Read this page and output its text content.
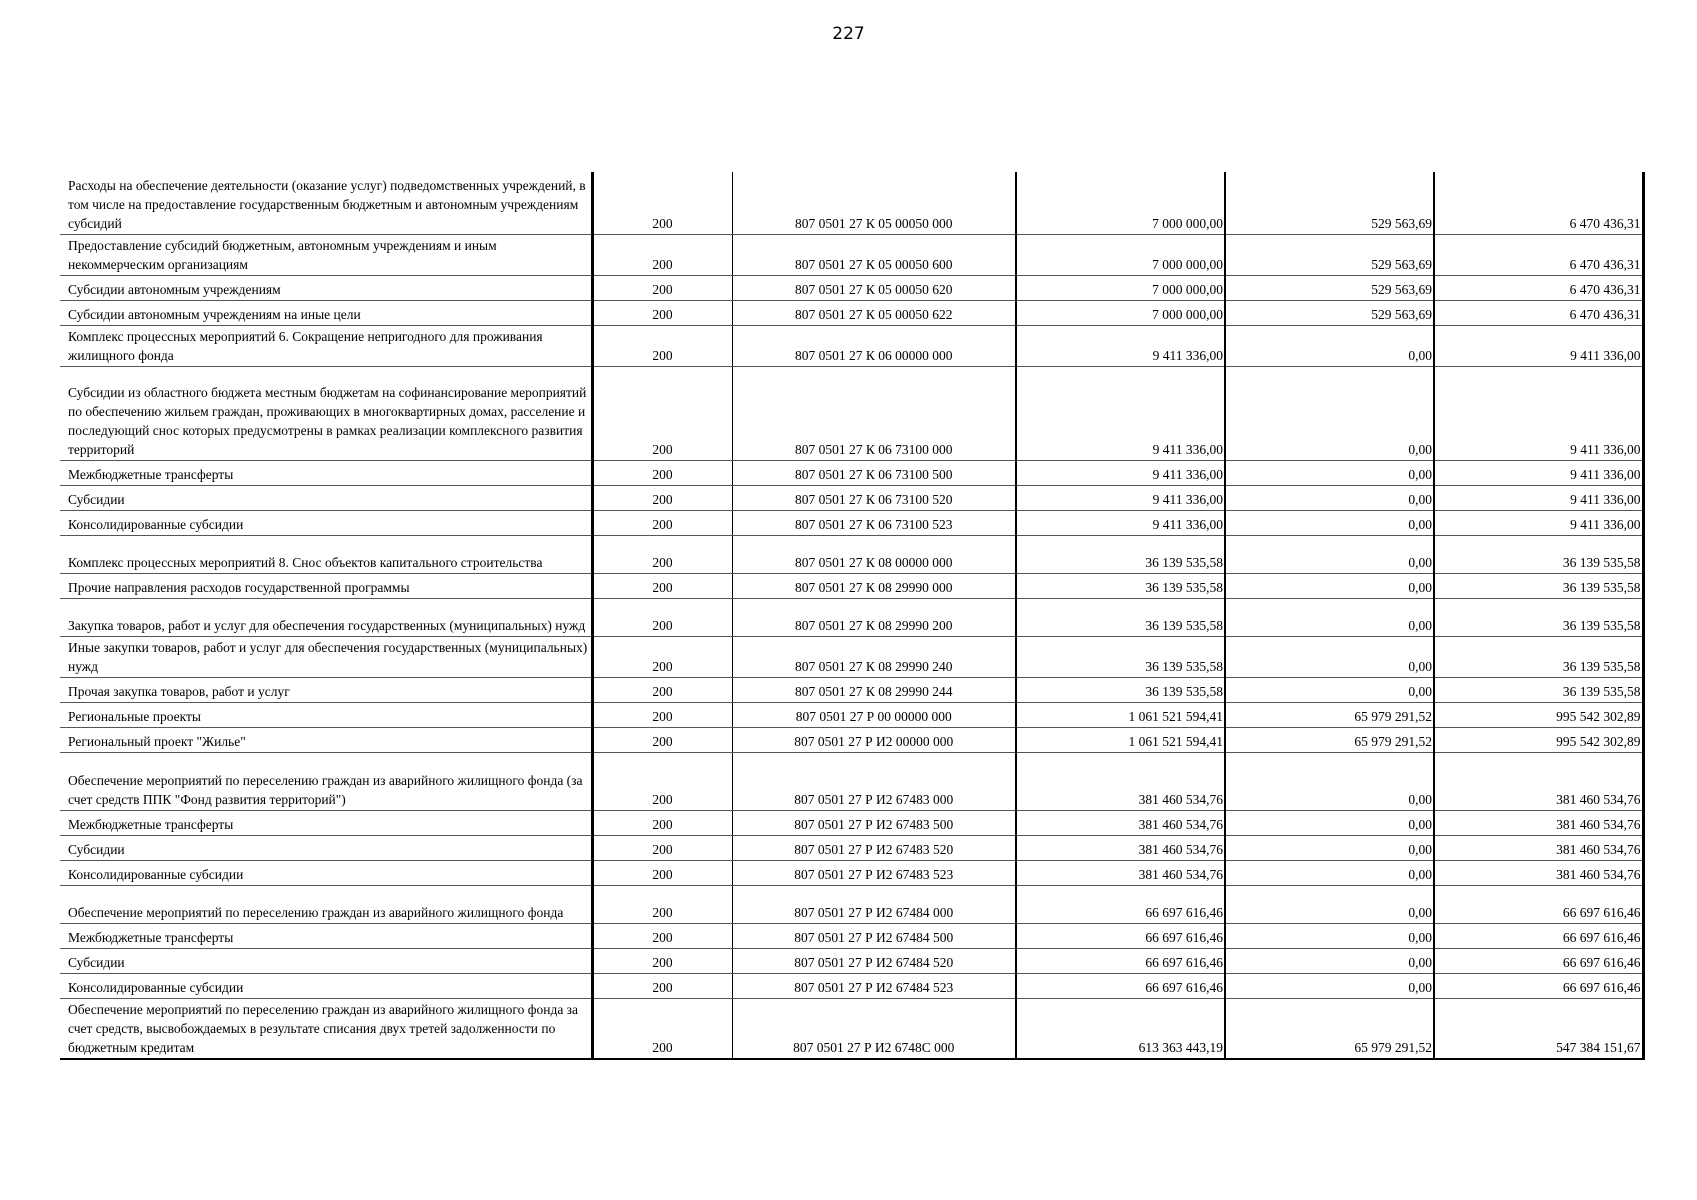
227
Расходы на обеспечение деятельности (оказание услуг) подведомственных учреждений, в том числе на предоставление государственным бюджетным и автономным учреждениям субсидий	200	807 0501 27 К 05 00050 000	7 000 000,00	529 563,69	6 470 436,31
Предоставление субсидий бюджетным, автономным учреждениям и иным некоммерческим организациям	200	807 0501 27 К 05 00050 600	7 000 000,00	529 563,69	6 470 436,31
Субсидии автономным учреждениям	200	807 0501 27 К 05 00050 620	7 000 000,00	529 563,69	6 470 436,31
Субсидии автономным учреждениям на иные цели	200	807 0501 27 К 05 00050 622	7 000 000,00	529 563,69	6 470 436,31
Комплекс процессных мероприятий 6. Сокращение непригодного для проживания жилищного фонда	200	807 0501 27 К 06 00000 000	9 411 336,00	0,00	9 411 336,00
Субсидии из областного бюджета местным бюджетам на софинансирование мероприятий по обеспечению жильем граждан, проживающих в многоквартирных домах, расселение и последующий снос которых предусмотрены в рамках реализации комплексного развития территорий	200	807 0501 27 К 06 73100 000	9 411 336,00	0,00	9 411 336,00
Межбюджетные трансферты	200	807 0501 27 К 06 73100 500	9 411 336,00	0,00	9 411 336,00
Субсидии	200	807 0501 27 К 06 73100 520	9 411 336,00	0,00	9 411 336,00
Консолидированные субсидии	200	807 0501 27 К 06 73100 523	9 411 336,00	0,00	9 411 336,00
Комплекс процессных мероприятий 8. Снос объектов капитального строительства	200	807 0501 27 К 08 00000 000	36 139 535,58	0,00	36 139 535,58
Прочие направления расходов государственной программы	200	807 0501 27 К 08 29990 000	36 139 535,58	0,00	36 139 535,58
Закупка товаров, работ и услуг для обеспечения государственных (муниципальных) нужд	200	807 0501 27 К 08 29990 200	36 139 535,58	0,00	36 139 535,58
Иные закупки товаров, работ и услуг для обеспечения государственных (муниципальных) нужд	200	807 0501 27 К 08 29990 240	36 139 535,58	0,00	36 139 535,58
Прочая закупка товаров, работ и услуг	200	807 0501 27 К 08 29990 244	36 139 535,58	0,00	36 139 535,58
Региональные проекты	200	807 0501 27 Р 00 00000 000	1 061 521 594,41	65 979 291,52	995 542 302,89
Региональный проект "Жилье"	200	807 0501 27 Р И2 00000 000	1 061 521 594,41	65 979 291,52	995 542 302,89
Обеспечение мероприятий по переселению граждан из аварийного жилищного фонда (за счет средств ППК "Фонд развития территорий")	200	807 0501 27 Р И2 67483 000	381 460 534,76	0,00	381 460 534,76
Межбюджетные трансферты	200	807 0501 27 Р И2 67483 500	381 460 534,76	0,00	381 460 534,76
Субсидии	200	807 0501 27 Р И2 67483 520	381 460 534,76	0,00	381 460 534,76
Консолидированные субсидии	200	807 0501 27 Р И2 67483 523	381 460 534,76	0,00	381 460 534,76
Обеспечение мероприятий по переселению граждан из аварийного жилищного фонда	200	807 0501 27 Р И2 67484 000	66 697 616,46	0,00	66 697 616,46
Межбюджетные трансферты	200	807 0501 27 Р И2 67484 500	66 697 616,46	0,00	66 697 616,46
Субсидии	200	807 0501 27 Р И2 67484 520	66 697 616,46	0,00	66 697 616,46
Консолидированные субсидии	200	807 0501 27 Р И2 67484 523	66 697 616,46	0,00	66 697 616,46
Обеспечение мероприятий по переселению граждан из аварийного жилищного фонда за счет средств, высвобождаемых в результате списания двух третей задолженности по бюджетным кредитам	200	807 0501 27 Р И2 6748С 000	613 363 443,19	65 979 291,52	547 384 151,67
